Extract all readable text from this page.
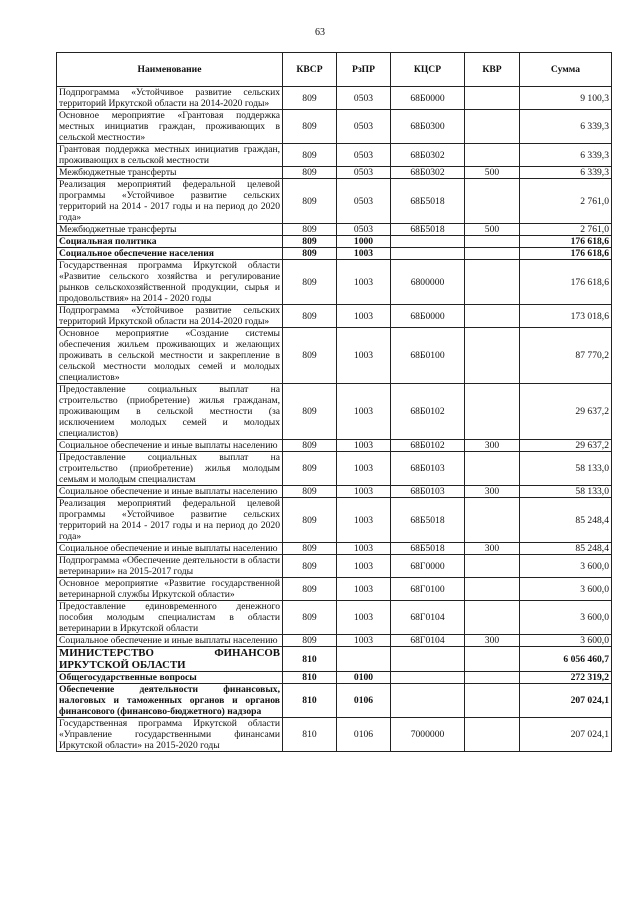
63
Наименование	КВСР	РзПР	КЦСР	КВР	Сумма
Подпрограмма «Устойчивое развитие сельских территорий Иркутской области на 2014-2020 годы»	809	0503	68Б0000		9 100,3
Основное мероприятие «Грантовая поддержка местных инициатив граждан, проживающих в сельской местности»	809	0503	68Б0300		6 339,3
Грантовая поддержка местных инициатив граждан, проживающих в сельской местности	809	0503	68Б0302		6 339,3
Межбюджетные трансферты	809	0503	68Б0302	500	6 339,3
Реализация мероприятий федеральной целевой программы «Устойчивое развитие сельских территорий на 2014 - 2017 годы и на период до 2020 года»	809	0503	68Б5018		2 761,0
Межбюджетные трансферты	809	0503	68Б5018	500	2 761,0
Социальная политика	809	1000			176 618,6
Социальное обеспечение населения	809	1003			176 618,6
Государственная программа Иркутской области «Развитие сельского хозяйства и регулирование рынков сельскохозяйственной продукции, сырья и продовольствия» на 2014 - 2020 годы	809	1003	6800000		176 618,6
Подпрограмма «Устойчивое развитие сельских территорий Иркутской области на 2014-2020 годы»	809	1003	68Б0000		173 018,6
Основное мероприятие «Создание системы обеспечения жильем проживающих и желающих проживать в сельской местности и закрепление в сельской местности молодых семей и молодых специалистов»	809	1003	68Б0100		87 770,2
Предоставление социальных выплат на строительство (приобретение) жилья гражданам, проживающим в сельской местности (за исключением молодых семей и молодых специалистов)	809	1003	68Б0102		29 637,2
Социальное обеспечение и иные выплаты населению	809	1003	68Б0102	300	29 637,2
Предоставление социальных выплат на строительство (приобретение) жилья молодым семьям и молодым специалистам	809	1003	68Б0103		58 133,0
Социальное обеспечение и иные выплаты населению	809	1003	68Б0103	300	58 133,0
Реализация мероприятий федеральной целевой программы «Устойчивое развитие сельских территорий на 2014 - 2017 годы и на период до 2020 года»	809	1003	68Б5018		85 248,4
Социальное обеспечение и иные выплаты населению	809	1003	68Б5018	300	85 248,4
Подпрограмма «Обеспечение деятельности в области ветеринарии» на 2015-2017 годы	809	1003	68Г0000		3 600,0
Основное мероприятие «Развитие государственной ветеринарной службы Иркутской области»	809	1003	68Г0100		3 600,0
Предоставление единовременного денежного пособия молодым специалистам в области ветеринарии в Иркутской области	809	1003	68Г0104		3 600,0
Социальное обеспечение и иные выплаты населению	809	1003	68Г0104	300	3 600,0
МИНИСТЕРСТВО ФИНАНСОВ ИРКУТСКОЙ ОБЛАСТИ	810				6 056 460,7
Общегосударственные вопросы	810	0100			272 319,2
Обеспечение деятельности финансовых, налоговых и таможенных органов и органов финансового (финансово-бюджетного) надзора	810	0106			207 024,1
Государственная программа Иркутской области «Управление государственными финансами Иркутской области» на 2015-2020 годы	810	0106	7000000		207 024,1
